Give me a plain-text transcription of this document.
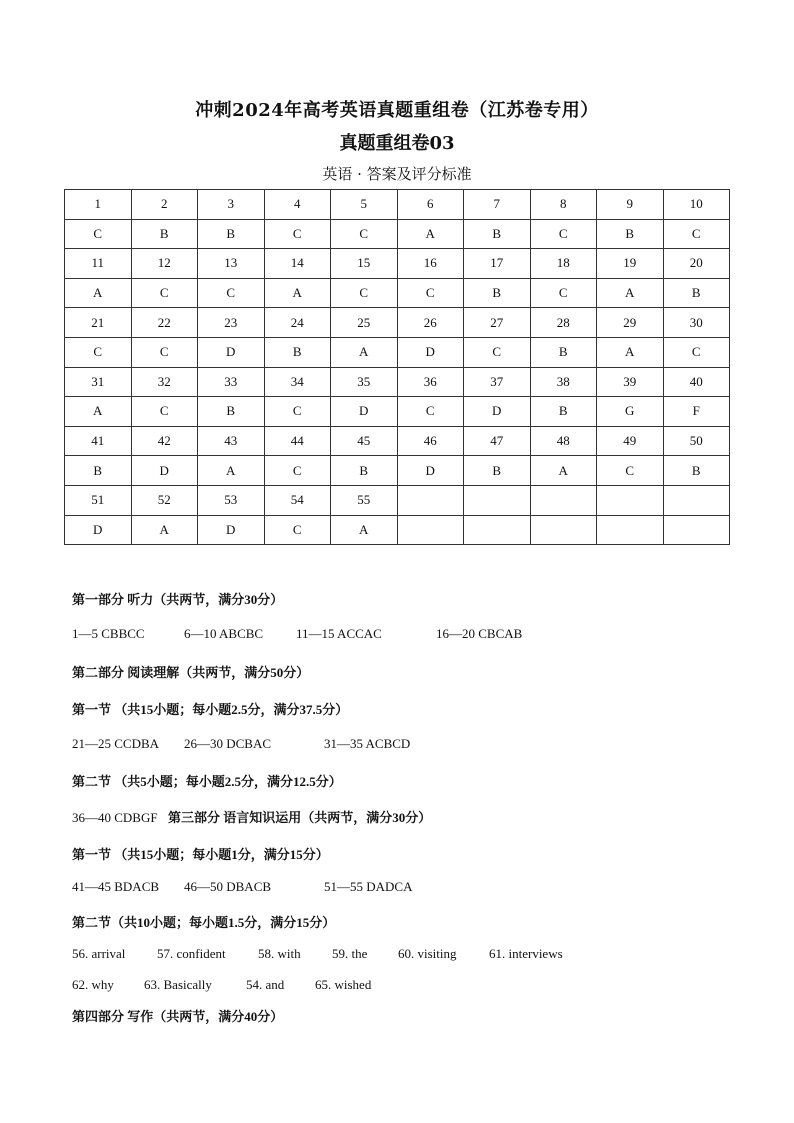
冲刺2024年高考英语真题重组卷（江苏卷专用）
真题重组卷03
英语 · 答案及评分标准
1	2	3	4	5	6	7	8	9	10
C	B	B	C	C	A	B	C	B	C
11	12	13	14	15	16	17	18	19	20
A	C	C	A	C	C	B	C	A	B
21	22	23	24	25	26	27	28	29	30
C	C	D	B	A	D	C	B	A	C
31	32	33	34	35	36	37	38	39	40
A	C	B	C	D	C	D	B	G	F
41	42	43	44	45	46	47	48	49	50
B	D	A	C	B	D	B	A	C	B
51	52	53	54	55					
D	A	D	C	A					
第一部分 听力（共两节，满分30分）
1—5 CBBCC	6—10 ABCBC	11—15 ACCAC	16—20 CBCAB
第二部分 阅读理解（共两节，满分50分）
第一节 （共15小题；每小题2.5分，满分37.5分）
21—25 CCDBA 26—30 DCBAC	31—35 ACBCD
第二节 （共5小题；每小题2.5分，满分12.5分）
36—40 CDBGF 第三部分 语言知识运用（共两节，满分30分）
第一节 （共15小题；每小题1分，满分15分）
41—45 BDACB 46—50 DBACB	51—55 DADCA
第二节（共10小题；每小题1.5分，满分15分）
56. arrival 57. confident 58. with 59. the 60. visiting 61. interviews
62. why 63. Basically	54. and 65. wished
第四部分 写作（共两节，满分40分）
